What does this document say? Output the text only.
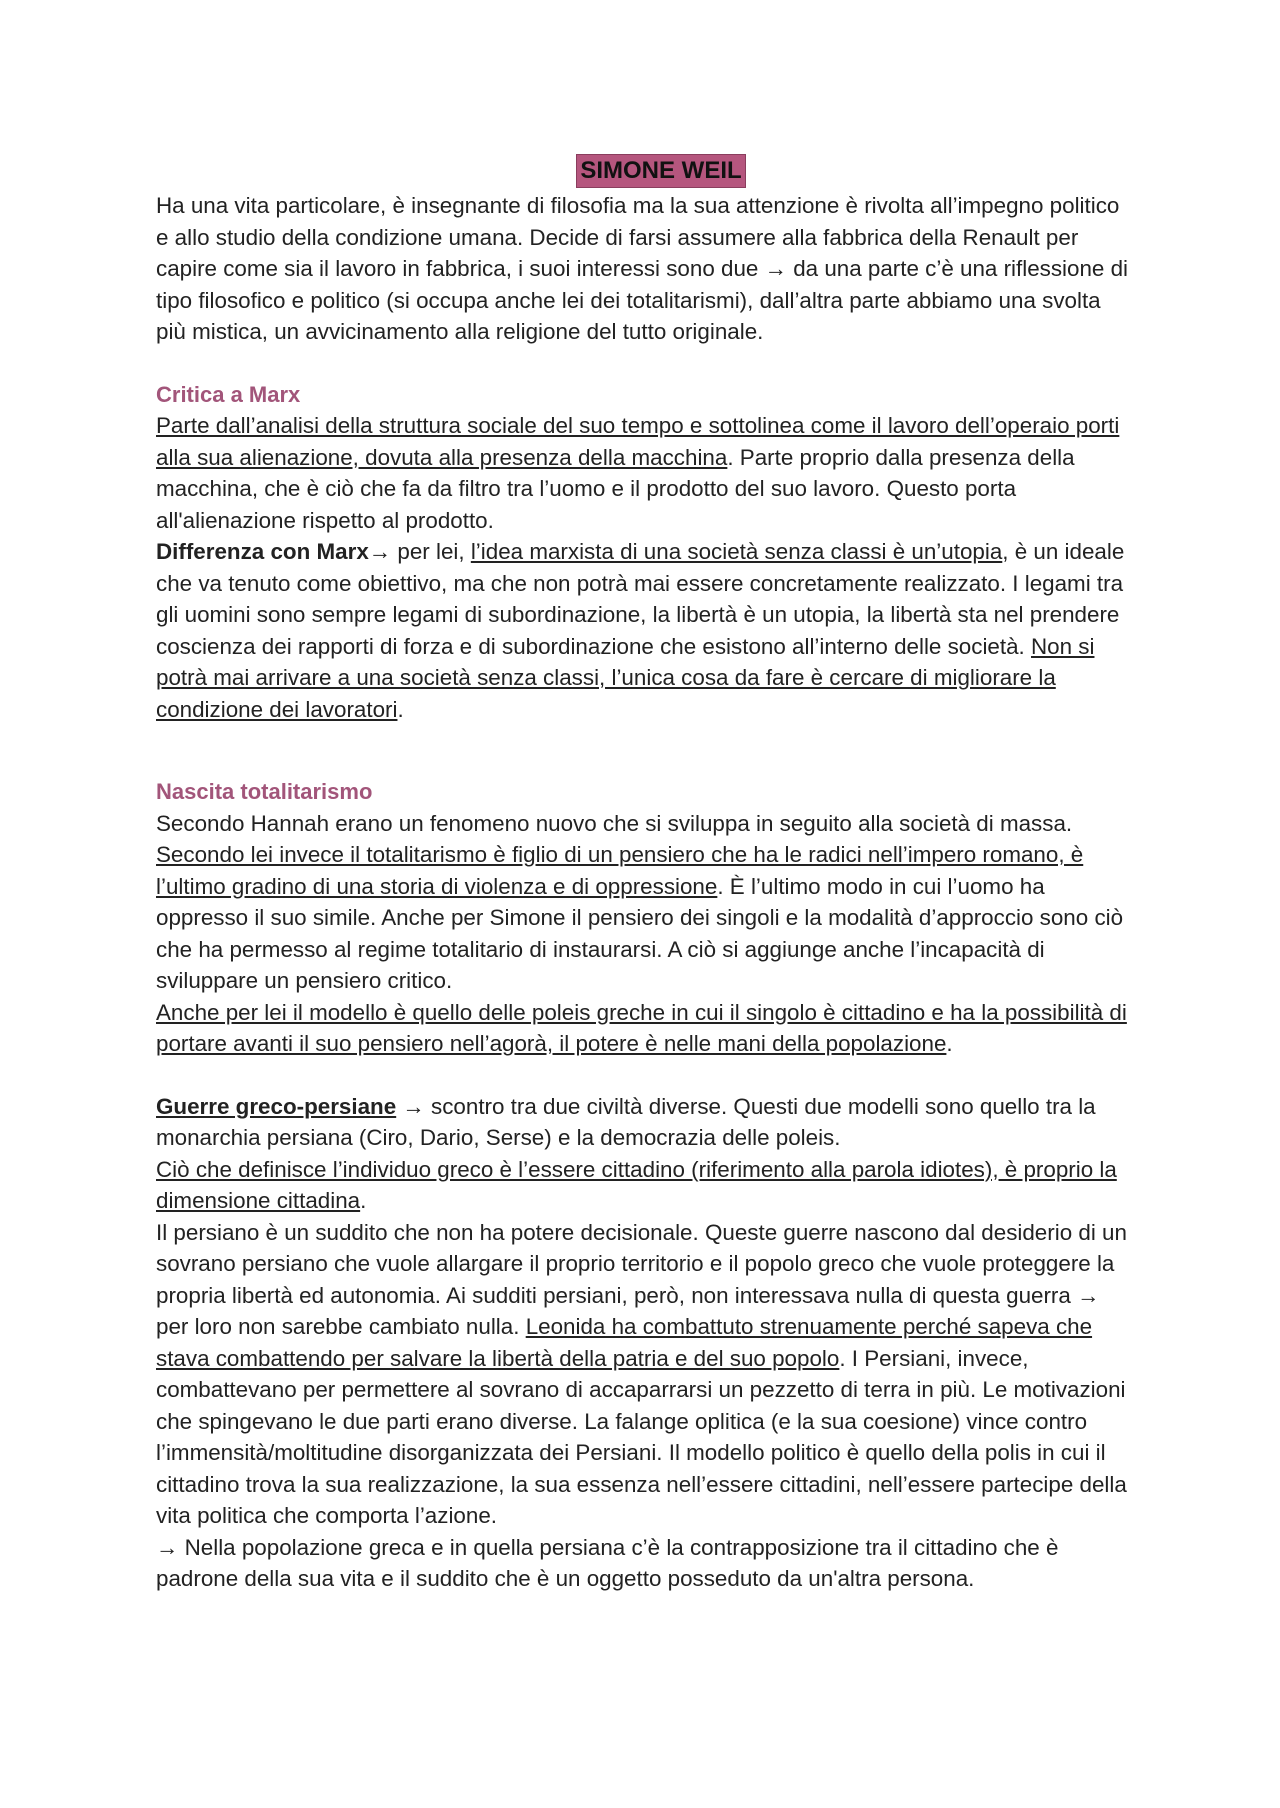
SIMONE WEIL

Ha una vita particolare, è insegnante di filosofia ma la sua attenzione è rivolta all’impegno politico e allo studio della condizione umana. Decide di farsi assumere alla fabbrica della Renault per capire come sia il lavoro in fabbrica, i suoi interessi sono due → da una parte c’è una riflessione di tipo filosofico e politico (si occupa anche lei dei totalitarismi), dall’altra parte abbiamo una svolta più mistica, un avvicinamento alla religione del tutto originale.

Critica a Marx

Parte dall’analisi della struttura sociale del suo tempo e sottolinea come il lavoro dell’operaio porti alla sua alienazione, dovuta alla presenza della macchina. Parte proprio dalla presenza della macchina, che è ciò che fa da filtro tra l’uomo e il prodotto del suo lavoro. Questo porta all'alienazione rispetto al prodotto.

Differenza con Marx→ per lei, l’idea marxista di una società senza classi è un’utopia, è un ideale che va tenuto come obiettivo, ma che non potrà mai essere concretamente realizzato. I legami tra gli uomini sono sempre legami di subordinazione, la libertà è un utopia, la libertà sta nel prendere coscienza dei rapporti di forza e di subordinazione che esistono all’interno delle società. Non si potrà mai arrivare a una società senza classi, l’unica cosa da fare è cercare di migliorare la condizione dei lavoratori.

Nascita totalitarismo

Secondo Hannah erano un fenomeno nuovo che si sviluppa in seguito alla società di massa.

Secondo lei invece il totalitarismo è figlio di un pensiero che ha le radici nell’impero romano, è l’ultimo gradino di una storia di violenza e di oppressione. È l’ultimo modo in cui l’uomo ha oppresso il suo simile. Anche per Simone il pensiero dei singoli e la modalità d’approccio sono ciò che ha permesso al regime totalitario di instaurarsi. A ciò si aggiunge anche l’incapacità di sviluppare un pensiero critico.

Anche per lei il modello è quello delle poleis greche in cui il singolo è cittadino e ha la possibilità di portare avanti il suo pensiero nell’agorà, il potere è nelle mani della popolazione.

Guerre greco-persiane → scontro tra due civiltà diverse. Questi due modelli sono quello tra la monarchia persiana (Ciro, Dario, Serse) e la democrazia delle poleis.

Ciò che definisce l’individuo greco è l’essere cittadino (riferimento alla parola idiotes), è proprio la dimensione cittadina.

Il persiano è un suddito che non ha potere decisionale. Queste guerre nascono dal desiderio di un sovrano persiano che vuole allargare il proprio territorio e il popolo greco che vuole proteggere la propria libertà ed autonomia. Ai sudditi persiani, però, non interessava nulla di questa guerra → per loro non sarebbe cambiato nulla. Leonida ha combattuto strenuamente perché sapeva che stava combattendo per salvare la libertà della patria e del suo popolo. I Persiani, invece, combattevano per permettere al sovrano di accaparrarsi un pezzetto di terra in più. Le motivazioni che spingevano le due parti erano diverse. La falange oplitica (e la sua coesione) vince contro l’immensità/moltitudine disorganizzata dei Persiani. Il modello politico è quello della polis in cui il cittadino trova la sua realizzazione, la sua essenza nell’essere cittadini, nell’essere partecipe della vita politica che comporta l’azione.

→ Nella popolazione greca e in quella persiana c’è la contrapposizione tra il cittadino che è padrone della sua vita e il suddito che è un oggetto posseduto da un'altra persona.
